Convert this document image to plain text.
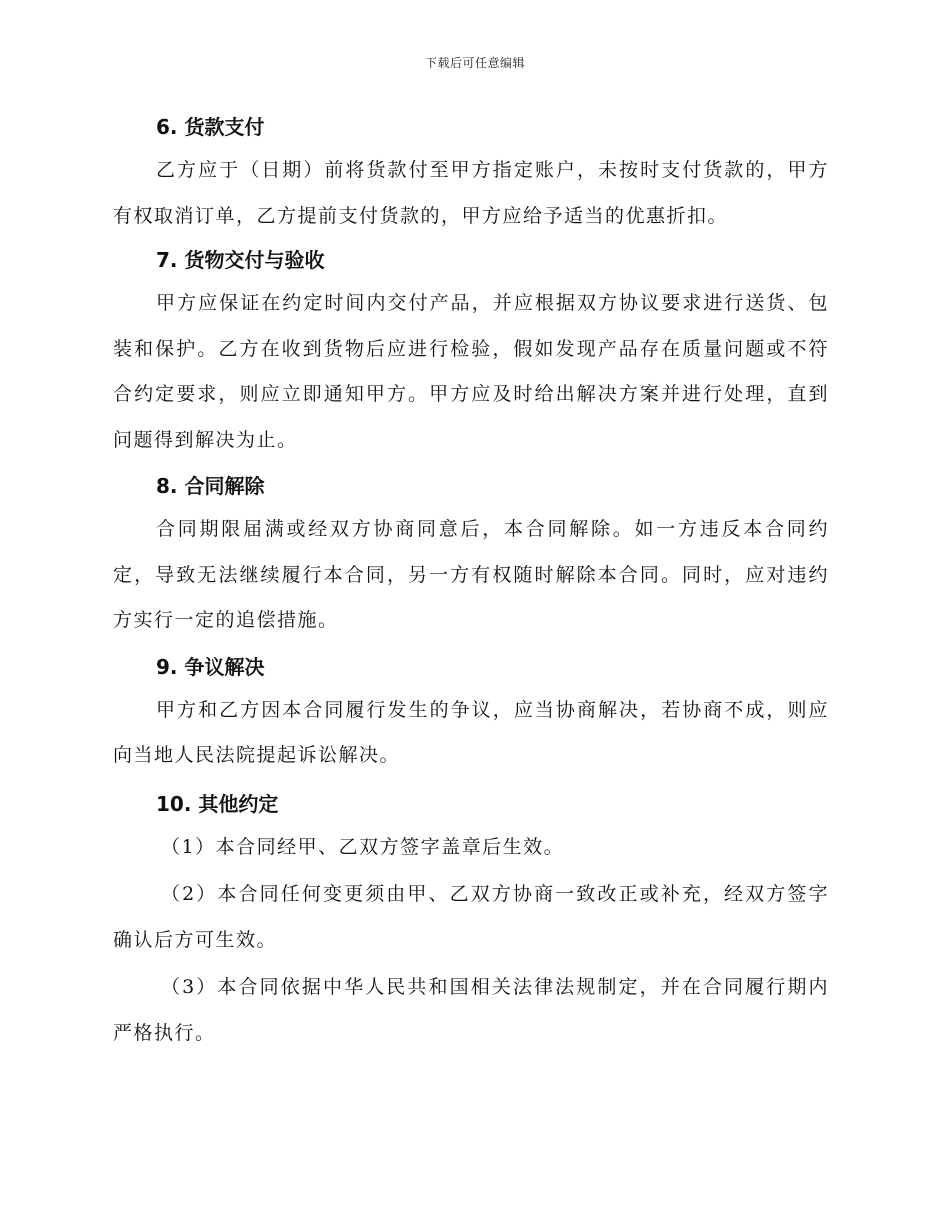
下载后可任意编辑
6. 货款支付

乙方应于（日期）前将货款付至甲方指定账户，未按时支付货款的，甲方有权取消订单，乙方提前支付货款的，甲方应给予适当的优惠折扣。

7. 货物交付与验收

甲方应保证在约定时间内交付产品，并应根据双方协议要求进行送货、包装和保护。乙方在收到货物后应进行检验，假如发现产品存在质量问题或不符合约定要求，则应立即通知甲方。甲方应及时给出解决方案并进行处理，直到问题得到解决为止。

8. 合同解除

合同期限届满或经双方协商同意后，本合同解除。如一方违反本合同约定，导致无法继续履行本合同，另一方有权随时解除本合同。同时，应对违约方实行一定的追偿措施。

9. 争议解决

甲方和乙方因本合同履行发生的争议，应当协商解决，若协商不成，则应向当地人民法院提起诉讼解决。

10. 其他约定

（1）本合同经甲、乙双方签字盖章后生效。

（2）本合同任何变更须由甲、乙双方协商一致改正或补充，经双方签字确认后方可生效。

（3）本合同依据中华人民共和国相关法律法规制定，并在合同履行期内严格执行。
